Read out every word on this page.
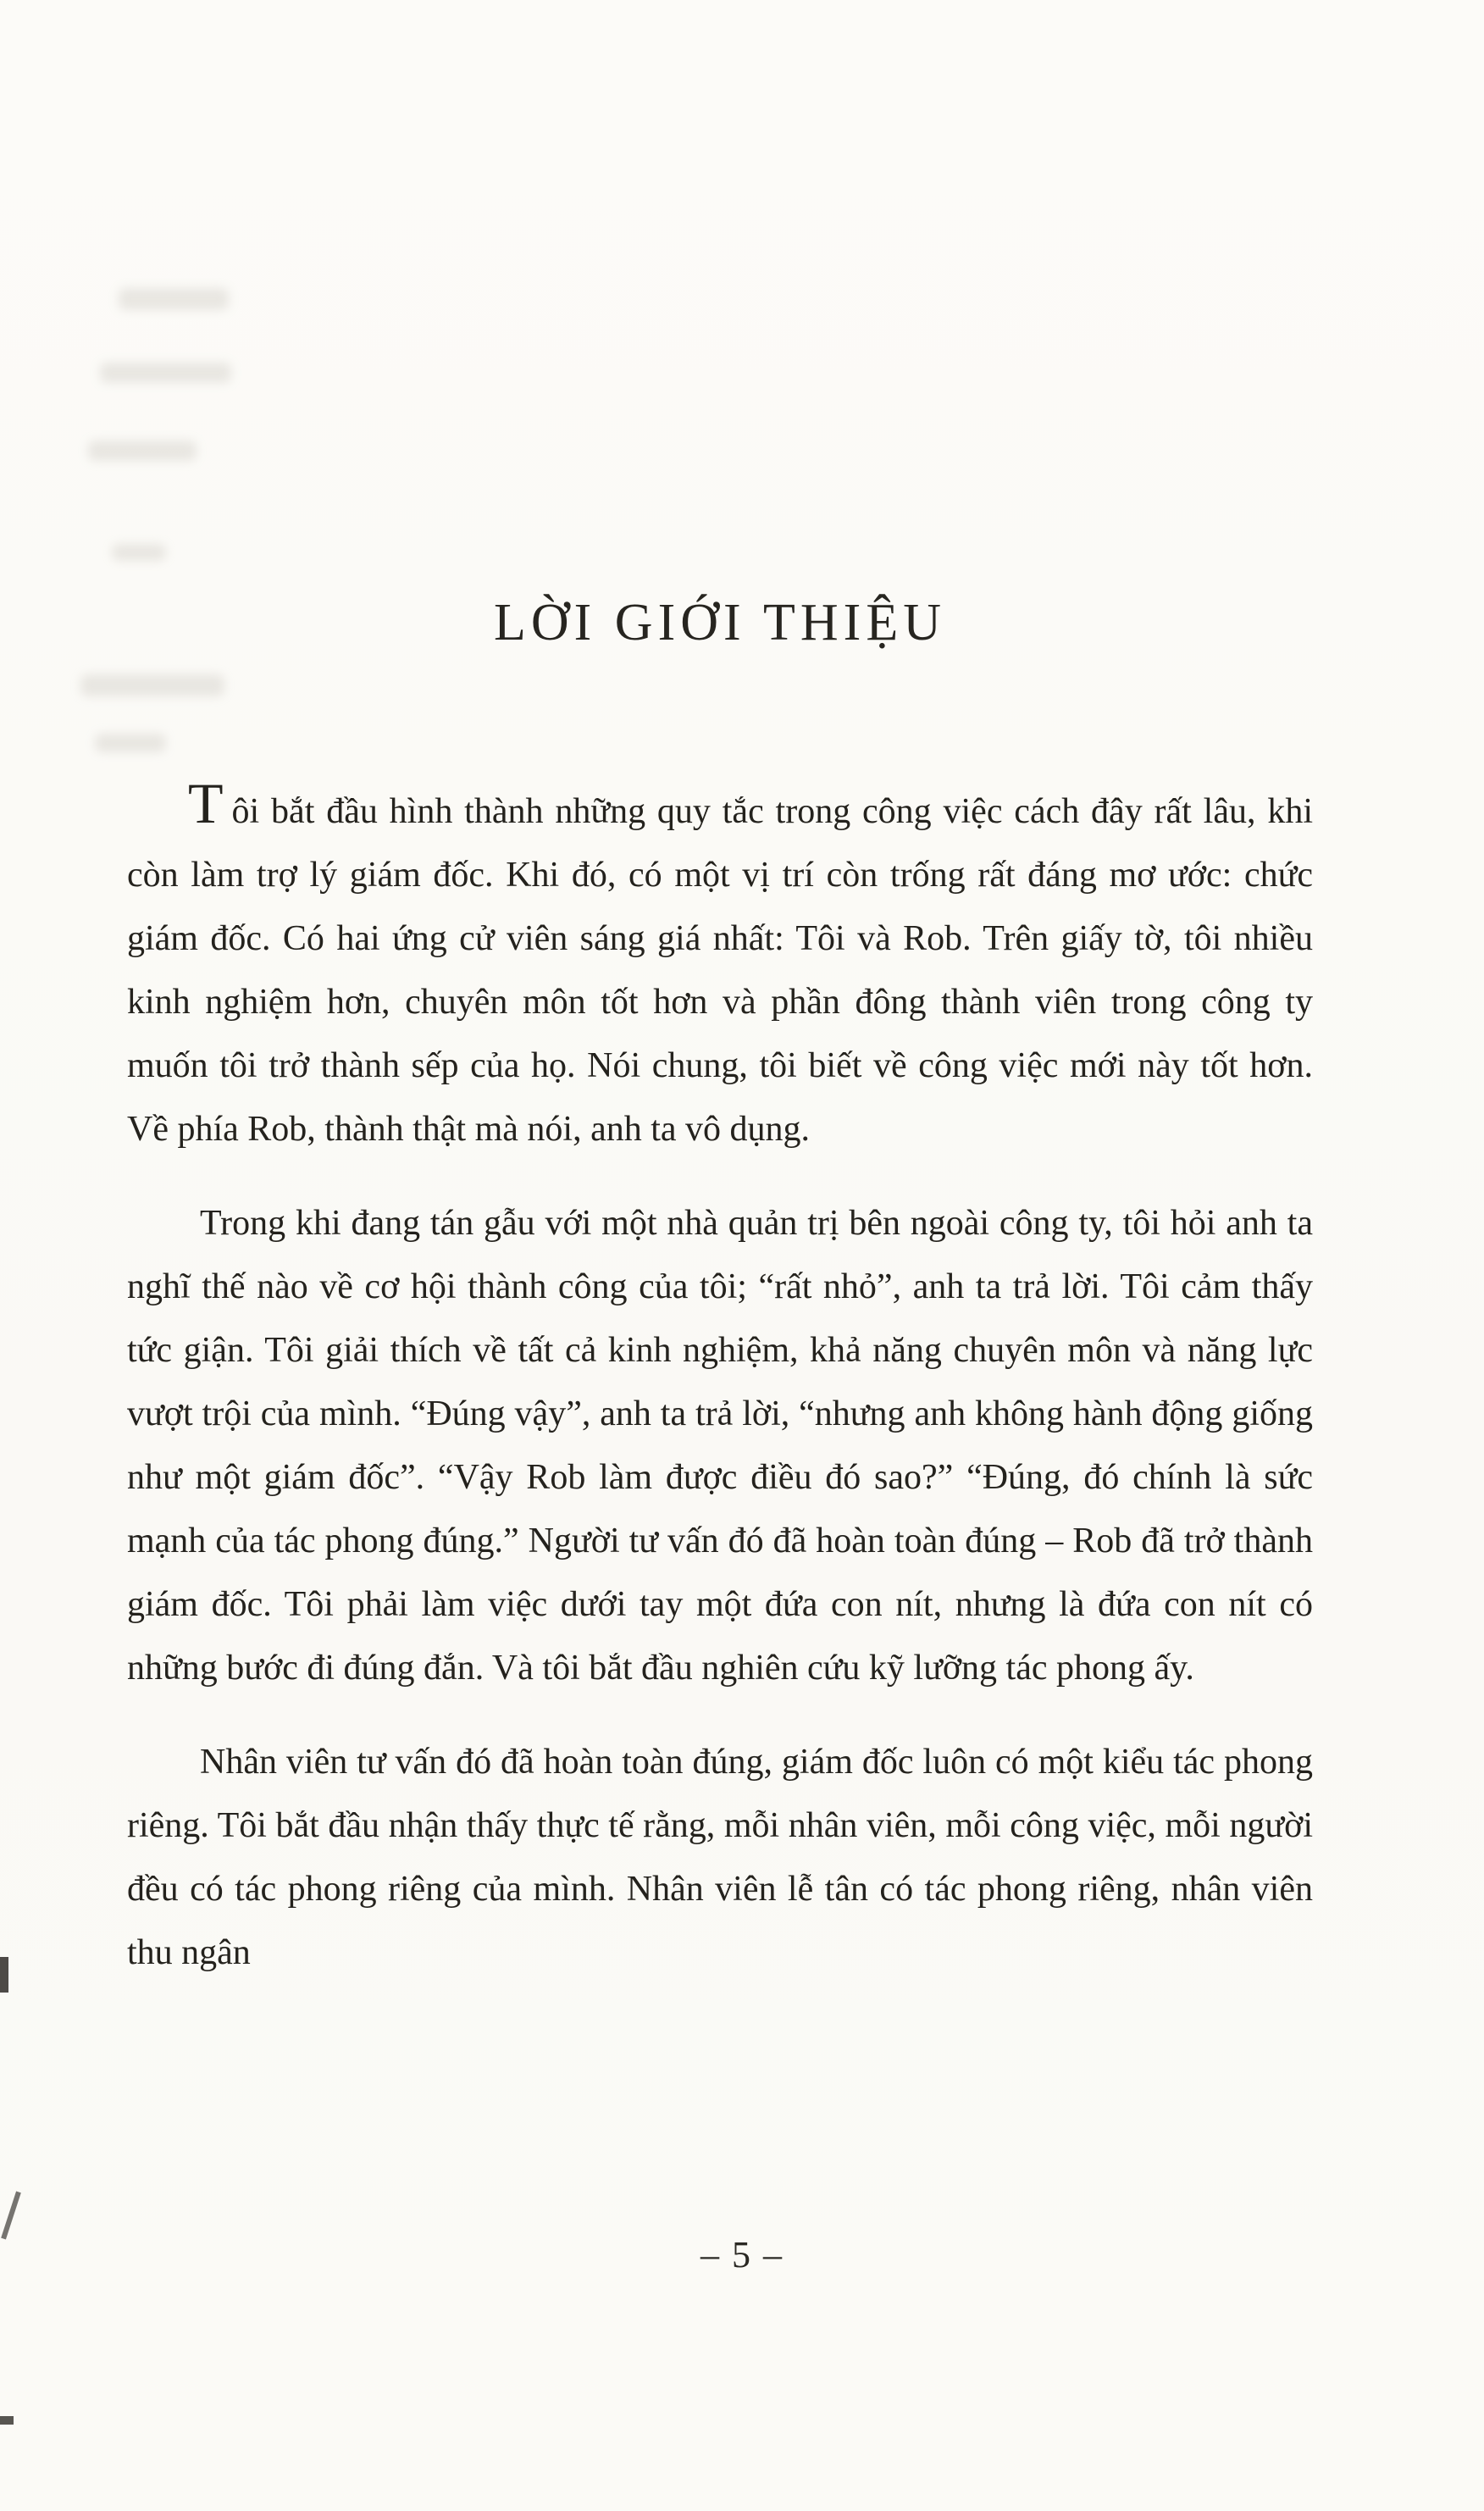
LỜI GIỚI THIỆU

Tôi bắt đầu hình thành những quy tắc trong công việc cách đây rất lâu, khi còn làm trợ lý giám đốc. Khi đó, có một vị trí còn trống rất đáng mơ ước: chức giám đốc. Có hai ứng cử viên sáng giá nhất: Tôi và Rob. Trên giấy tờ, tôi nhiều kinh nghiệm hơn, chuyên môn tốt hơn và phần đông thành viên trong công ty muốn tôi trở thành sếp của họ. Nói chung, tôi biết về công việc mới này tốt hơn. Về phía Rob, thành thật mà nói, anh ta vô dụng.

Trong khi đang tán gẫu với một nhà quản trị bên ngoài công ty, tôi hỏi anh ta nghĩ thế nào về cơ hội thành công của tôi; “rất nhỏ”, anh ta trả lời. Tôi cảm thấy tức giận. Tôi giải thích về tất cả kinh nghiệm, khả năng chuyên môn và năng lực vượt trội của mình. “Đúng vậy”, anh ta trả lời, “nhưng anh không hành động giống như một giám đốc”. “Vậy Rob làm được điều đó sao?” “Đúng, đó chính là sức mạnh của tác phong đúng.” Người tư vấn đó đã hoàn toàn đúng – Rob đã trở thành giám đốc. Tôi phải làm việc dưới tay một đứa con nít, nhưng là đứa con nít có những bước đi đúng đắn. Và tôi bắt đầu nghiên cứu kỹ lưỡng tác phong ấy.

Nhân viên tư vấn đó đã hoàn toàn đúng, giám đốc luôn có một kiểu tác phong riêng. Tôi bắt đầu nhận thấy thực tế rằng, mỗi nhân viên, mỗi công việc, mỗi người đều có tác phong riêng của mình. Nhân viên lễ tân có tác phong riêng, nhân viên thu ngân

– 5 –
